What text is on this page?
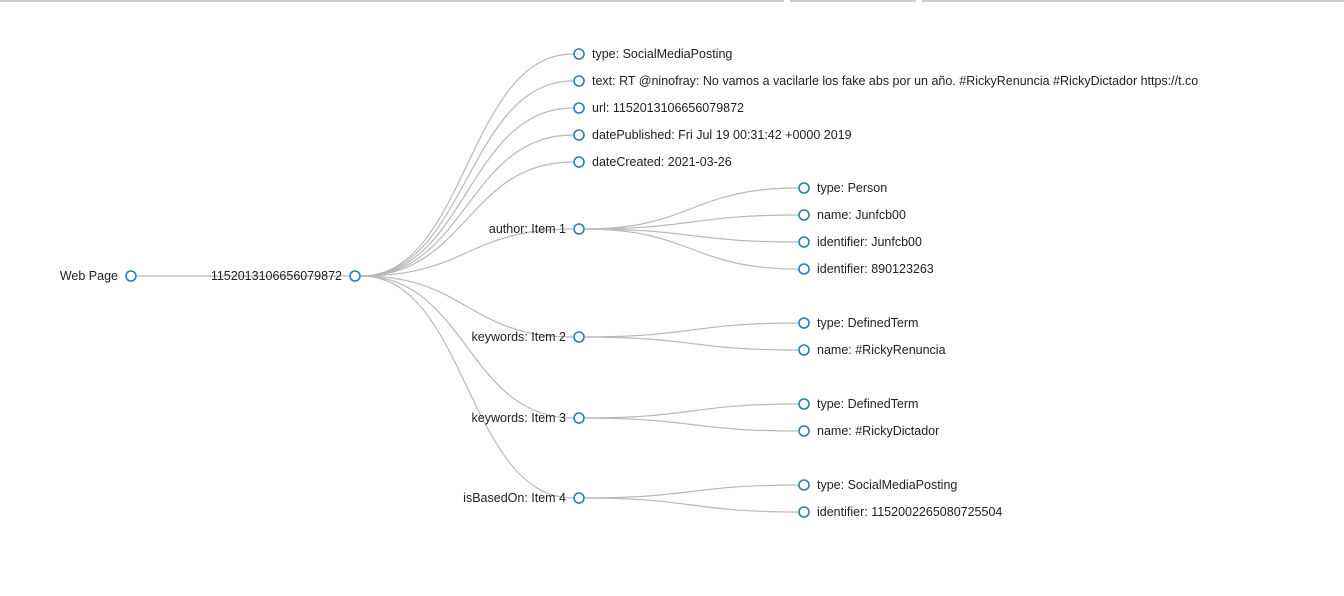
Web Page	1152013106656079872
type: SocialMediaPosting
text: RT @ninofray: No vamos a vacilarle los fake abs por un año. #RickyRenuncia #RickyDictador https://t.co
url: 1152013106656079872
datePublished: Fri Jul 19 00:31:42 +0000 2019
dateCreated: 2021-03-26
author: Item 1
keywords: Item 2
keywords: Item 3
isBasedOn: Item 4
type: Person
name: Junfcb00
identifier: Junfcb00
identifier: 890123263
type: DefinedTerm
name: #RickyRenuncia
type: DefinedTerm
name: #RickyDictador
type: SocialMediaPosting
identifier: 1152002265080725504
